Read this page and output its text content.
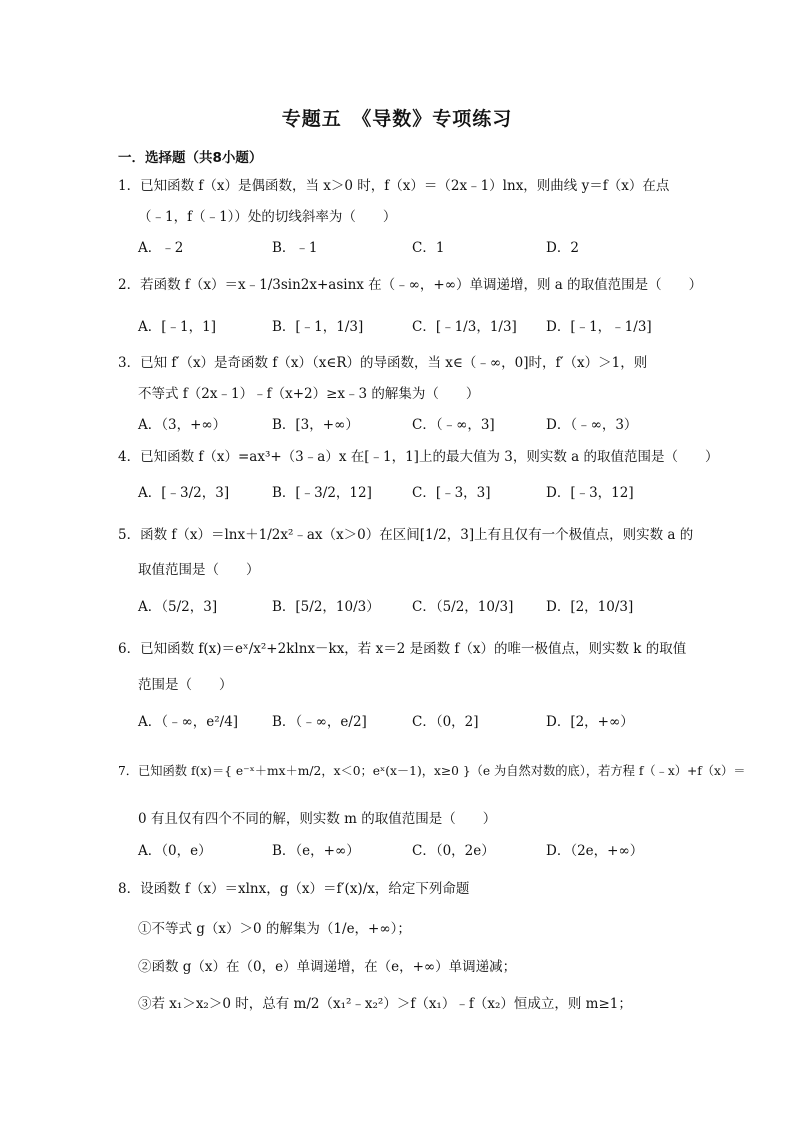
专题五　《导数》专项练习
一．选择题（共8小题）
1．已知函数 f（x）是偶函数，当 x＞0 时，f（x）＝（2x﹣1）lnx，则曲线 y＝f（x）在点
（﹣1，f（﹣1））处的切线斜率为（　　）
A．﹣2	B．﹣1	C．1	D．2
2．若函数 f（x）＝x﹣1/3sin2x+asinx 在（﹣∞，+∞）单调递增，则 a 的取值范围是（　　）
A．[﹣1，1]	B．[﹣1，1/3]	C．[﹣1/3，1/3] D．[﹣1，﹣1/3]
3．已知 f′（x）是奇函数 f（x）（x∈R）的导函数，当 x∈（﹣∞，0]时，f′（x）＞1，则
不等式 f（2x﹣1）﹣f（x+2）≥x﹣3 的解集为（　　）
A．（3，+∞）	B．[3，+∞）	C．（﹣∞，3]	D．（﹣∞，3）
4．已知函数 f（x）=ax³+（3﹣a）x 在[﹣1，1]上的最大值为 3，则实数 a 的取值范围是（　　）
A．[﹣3/2，3]	B．[﹣3/2，12]	C．[﹣3，3]	D．[﹣3，12]
5．函数 f（x）＝lnx＋1/2x²﹣ax（x＞0）在区间[1/2，3]上有且仅有一个极值点，则实数 a 的
取值范围是（　　）
A．（5/2，3]	B．[5/2，10/3） C．（5/2，10/3] D．[2，10/3]
6．已知函数 f(x)＝eˣ/x²+2klnx－kx，若 x＝2 是函数 f（x）的唯一极值点，则实数 k 的取值
范围是（　　）
A．（﹣∞，e²/4]	B．（﹣∞，e/2]	C．（0，2]	D．[2，+∞）
7．已知函数 f(x)＝{ e⁻ˣ＋mx＋m/2，x＜0；eˣ(x－1)，x≥0 }（e 为自然对数的底），若方程 f（﹣x）+f（x）＝
0 有且仅有四个不同的解，则实数 m 的取值范围是（　　）
A．（0，e）	B．（e，+∞）	C．（0，2e）	D．（2e，+∞）
8．设函数 f（x）＝xlnx，g（x）＝f′(x)/x，给定下列命题
①不等式 g（x）＞0 的解集为（1/e，+∞）；
②函数 g（x）在（0，e）单调递增，在（e，+∞）单调递减；
③若 x₁＞x₂＞0 时，总有 m/2（x₁²﹣x₂²）＞f（x₁）﹣f（x₂）恒成立，则 m≥1；
